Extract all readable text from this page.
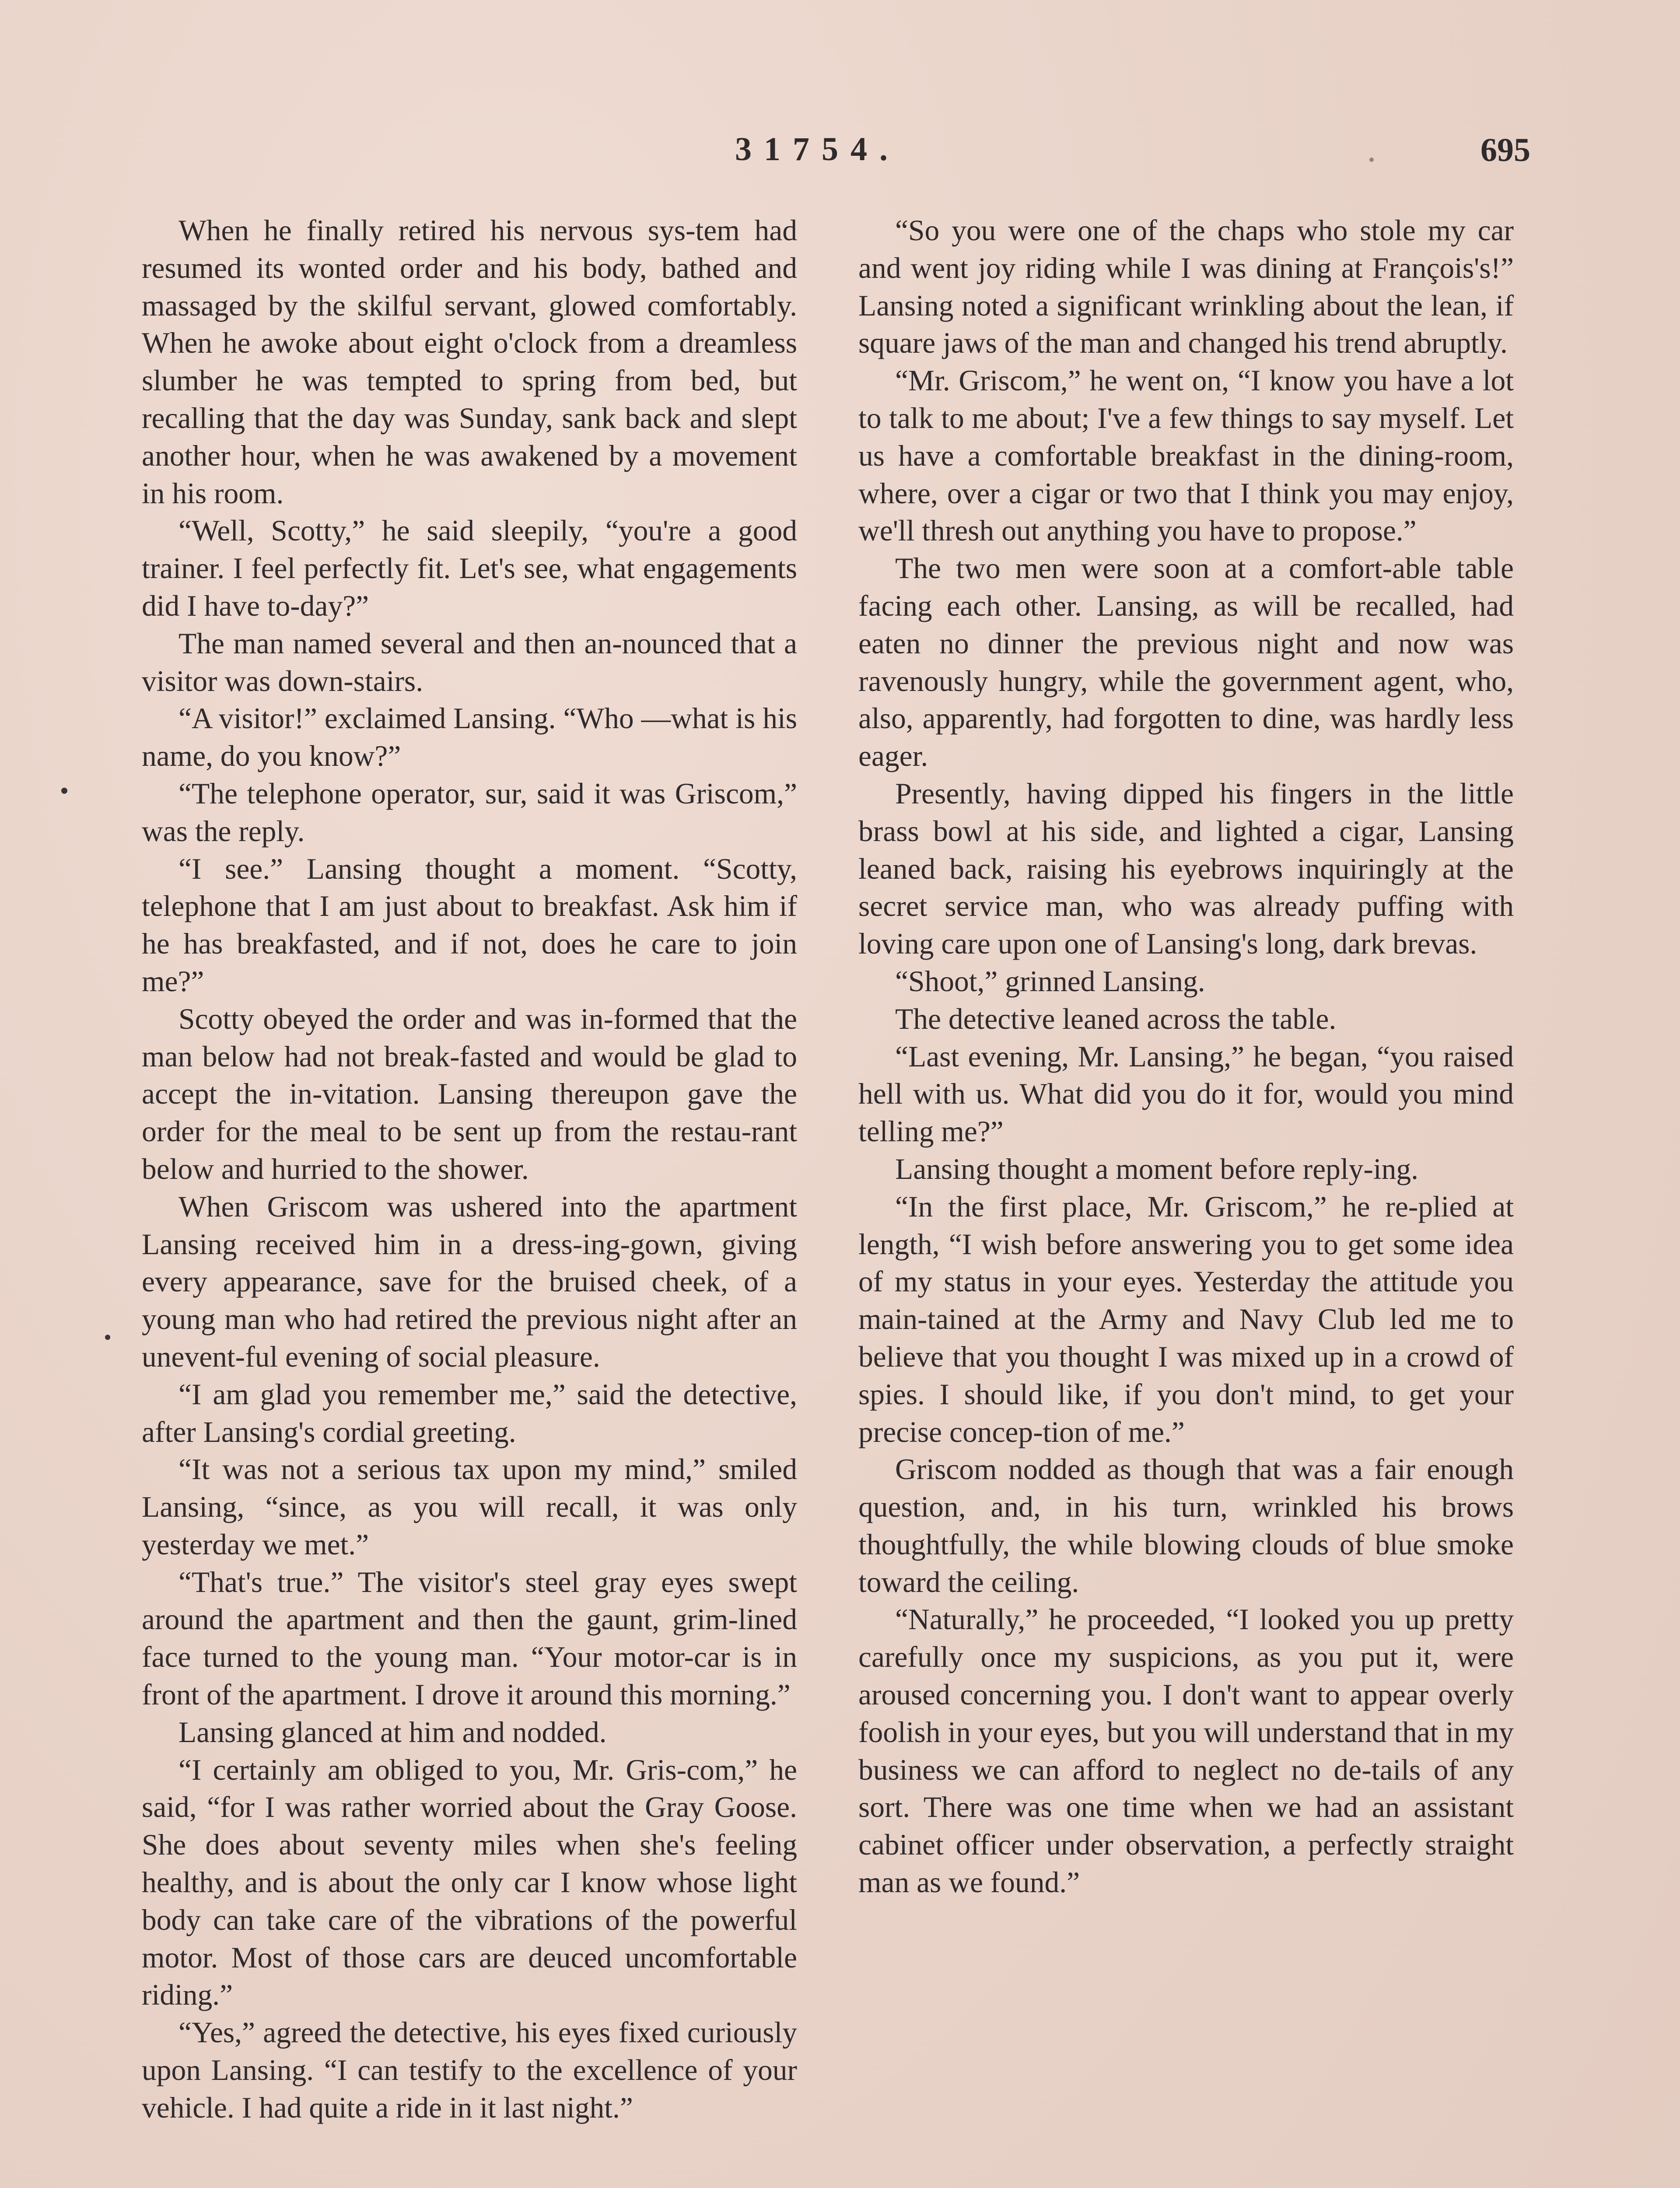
31754.	695

When he finally retired his nervous sys-tem had resumed its wonted order and his body, bathed and massaged by the skilful servant, glowed comfortably. When he awoke about eight o'clock from a dreamless slumber he was tempted to spring from bed, but recalling that the day was Sunday, sank back and slept another hour, when he was awakened by a movement in his room.

“Well, Scotty,” he said sleepily, “you're a good trainer. I feel perfectly fit. Let's see, what engagements did I have to-day?”

The man named several and then an-nounced that a visitor was down-stairs.

“A visitor!” exclaimed Lansing. “Who —what is his name, do you know?”

“The telephone operator, sur, said it was Griscom,” was the reply.

“I see.” Lansing thought a moment. “Scotty, telephone that I am just about to breakfast. Ask him if he has breakfasted, and if not, does he care to join me?”

Scotty obeyed the order and was in-formed that the man below had not break-fasted and would be glad to accept the in-vitation. Lansing thereupon gave the order for the meal to be sent up from the restau-rant below and hurried to the shower.

When Griscom was ushered into the apartment Lansing received him in a dress-ing-gown, giving every appearance, save for the bruised cheek, of a young man who had retired the previous night after an unevent-ful evening of social pleasure.

“I am glad you remember me,” said the detective, after Lansing's cordial greeting.

“It was not a serious tax upon my mind,” smiled Lansing, “since, as you will recall, it was only yesterday we met.”

“That's true.” The visitor's steel gray eyes swept around the apartment and then the gaunt, grim-lined face turned to the young man. “Your motor-car is in front of the apartment. I drove it around this morning.”

Lansing glanced at him and nodded.

“I certainly am obliged to you, Mr. Gris-com,” he said, “for I was rather worried about the Gray Goose. She does about seventy miles when she's feeling healthy, and is about the only car I know whose light body can take care of the vibrations of the powerful motor. Most of those cars are deuced uncomfortable riding.”

“Yes,” agreed the detective, his eyes fixed curiously upon Lansing. “I can testify to the excellence of your vehicle. I had quite a ride in it last night.”

“So you were one of the chaps who stole my car and went joy riding while I was dining at François's!” Lansing noted a significant wrinkling about the lean, if square jaws of the man and changed his trend abruptly.

“Mr. Griscom,” he went on, “I know you have a lot to talk to me about; I've a few things to say myself. Let us have a comfortable breakfast in the dining-room, where, over a cigar or two that I think you may enjoy, we'll thresh out anything you have to propose.”

The two men were soon at a comfort-able table facing each other. Lansing, as will be recalled, had eaten no dinner the previous night and now was ravenously hungry, while the government agent, who, also, apparently, had forgotten to dine, was hardly less eager.

Presently, having dipped his fingers in the little brass bowl at his side, and lighted a cigar, Lansing leaned back, raising his eyebrows inquiringly at the secret service man, who was already puffing with loving care upon one of Lansing's long, dark brevas.

“Shoot,” grinned Lansing.

The detective leaned across the table.

“Last evening, Mr. Lansing,” he began, “you raised hell with us. What did you do it for, would you mind telling me?”

Lansing thought a moment before reply-ing.

“In the first place, Mr. Griscom,” he re-plied at length, “I wish before answering you to get some idea of my status in your eyes. Yesterday the attitude you main-tained at the Army and Navy Club led me to believe that you thought I was mixed up in a crowd of spies. I should like, if you don't mind, to get your precise concep-tion of me.”

Griscom nodded as though that was a fair enough question, and, in his turn, wrinkled his brows thoughtfully, the while blowing clouds of blue smoke toward the ceiling.

“Naturally,” he proceeded, “I looked you up pretty carefully once my suspicions, as you put it, were aroused concerning you. I don't want to appear overly foolish in your eyes, but you will understand that in my business we can afford to neglect no de-tails of any sort. There was one time when we had an assistant cabinet officer under observation, a perfectly straight man as we found.”
